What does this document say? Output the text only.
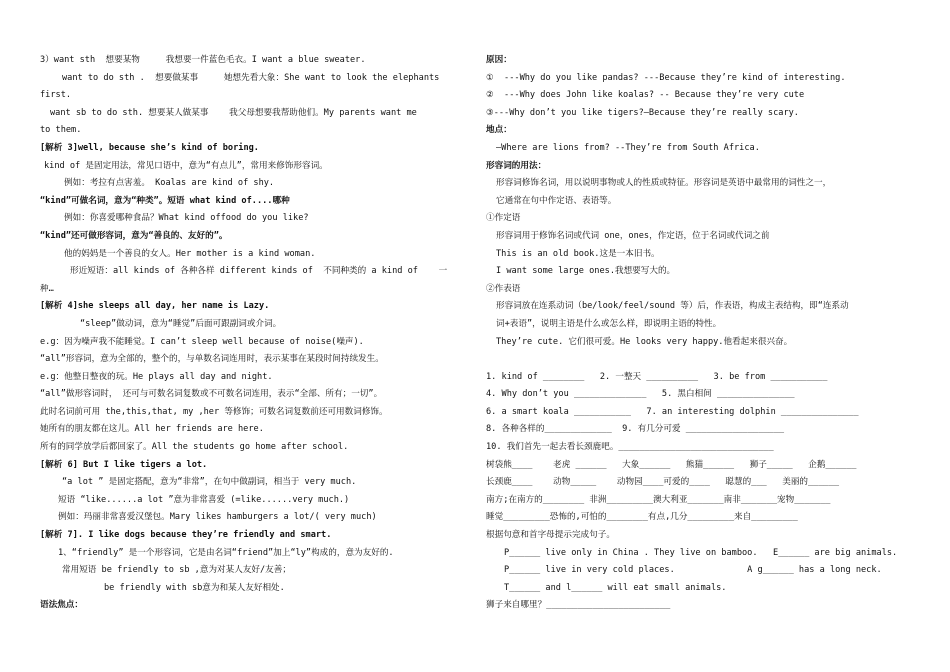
3）want sth  想要某物     我想要一件蓝色毛衣。I want a blue sweater.
want to do sth .  想要做某事     她想先看大象：She want to look the elephants
first.
want sb to do sth. 想要某人做某事    我父母想要我帮助他们。My parents want me
to them.
[解析 3]well, because she’s kind of boring.
kind of 是固定用法，常见口语中，意为“有点儿”，常用来修饰形容词。
例如：考拉有点害羞。 Koalas are kind of shy.
“kind”可做名词，意为“种类”。短语 what kind of....哪种
例如：你喜爱哪种食品？What kind offood do you like?
“kind”还可做形容词，意为“善良的、友好的”。
他的妈妈是一个善良的女人。Her mother is a kind woman.
形近短语：all kinds of 各种各样 different kinds of  不同种类的 a kind of    一
种…
[解析 4]she sleeps all day, her name is Lazy.
“sleep”做动词，意为“睡觉”后面可跟副词或介词。
e.g：因为噪声我不能睡觉。I can’t sleep well because of noise(噪声).
“all”形容词，意为全部的，整个的，与单数名词连用时，表示某事在某段时间持续发生。
e.g：他整日整夜的玩。He plays all day and night.
“all”做形容词时， 还可与可数名词复数或不可数名词连用，表示“全部、所有；一切”。
此时名词前可用 the,this,that, my ,her 等修饰；可数名词复数前还可用数词修饰。
她所有的朋友都在这儿。All her friends are here.
所有的同学放学后都回家了。All the students go home after school.
[解析 6] But I like tigers a lot.
“a lot ” 是固定搭配，意为“非常”，在句中做副词，相当于 very much.
短语 “like......a lot ”意为非常喜爱 (=like......very much.)
例如：玛丽非常喜爱汉堡包。Mary likes hamburgers a lot/( very much)
[解析 7]. I like dogs because they’re friendly and smart.
1、“friendly” 是一个形容词，它是由名词“friend”加上“ly”构成的，意为友好的.
常用短语 be friendly to sb ,意为对某人友好/友善；
be friendly with sb意为和某人友好相处.
语法焦点：
原因：
①  ---Why do you like pandas? ---Because they’re kind of interesting.
②  ---Why does John like koalas? -- Because they’re very cute
③---Why don’t you like tigers?—Because they’re really scary.
地点：
—Where are lions from? --They’re from South Africa.
形容词的用法：
形容词修饰名词，用以说明事物或人的性质或特征。形容词是英语中最常用的词性之一，
它通常在句中作定语、表语等。
①作定语
形容词用于修饰名词或代词 one，ones，作定语，位于名词或代词之前
This is an old book.这是一本旧书。
I want some large ones.我想要写大的。
②作表语
形容词放在连系动词（be/look/feel/sound 等）后，作表语，构成主表结构，即“连系动
词+表语”，说明主语是什么或怎么样，即说明主语的特性。
They’re cute. 它们很可爱。He looks very happy.他看起来很兴奋。

1. kind of ________   2. 一整天 __________   3. be from ___________
4. Why don’t you ______________   5. 黑白相间 _______________
6. a smart koala ___________   7. an interesting dolphin _______________
8. 各种各样的_____________  9. 有几分可爱 ___________________
10. 我们首先一起去看长颈鹿吧。______________________________
树袋熊____    老虎 ______   大象______   熊猫______   狮子_____   企鹅______
长颈鹿____    动物_____    动物园____可爱的____   聪慧的___   美丽的______
南方;在南方的________ 非洲_________澳大利亚_______南非_______宠物_______
睡觉_________恐怖的,可怕的________有点,几分_________来自_________
根据句意和首字母提示完成句子。
P______ live only in China . They live on bamboo.   E______ are big animals.
P______ live in very cold places.              A g______ has a long neck.
T______ and l______ will eat small animals.
狮子来自哪里？________________________
